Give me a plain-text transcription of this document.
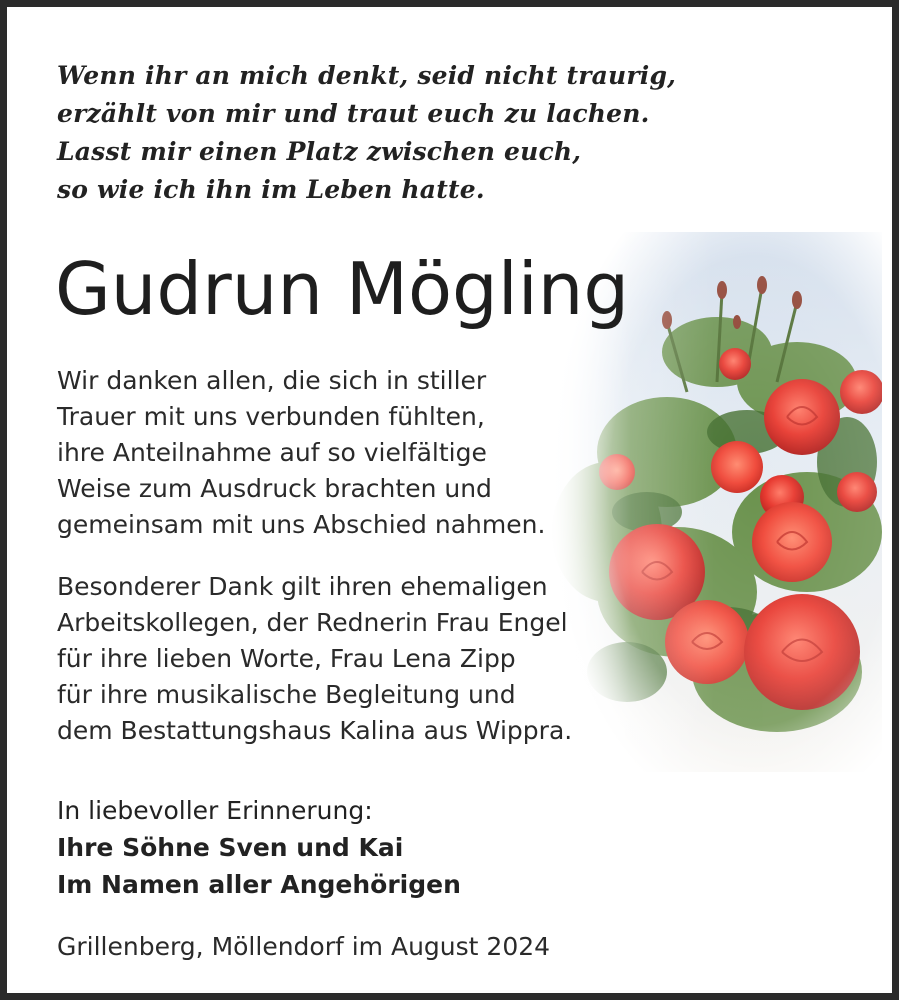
Wenn ihr an mich denkt, seid nicht traurig,
erzählt von mir und traut euch zu lachen.
Lasst mir einen Platz zwischen euch,
so wie ich ihn im Leben hatte.
Gudrun Mögling
Wir danken allen, die sich in stiller
Trauer mit uns verbunden fühlten,
ihre Anteilnahme auf so vielfältige
Weise zum Ausdruck brachten und
gemeinsam mit uns Abschied nahmen.
Besonderer Dank gilt ihren ehemaligen
Arbeitskollegen, der Rednerin Frau Engel
für ihre lieben Worte, Frau Lena Zipp
für ihre musikalische Begleitung und
dem Bestattungshaus Kalina aus Wippra.
In liebevoller Erinnerung:
Ihre Söhne Sven und Kai
Im Namen aller Angehörigen
Grillenberg, Möllendorf im August 2024
